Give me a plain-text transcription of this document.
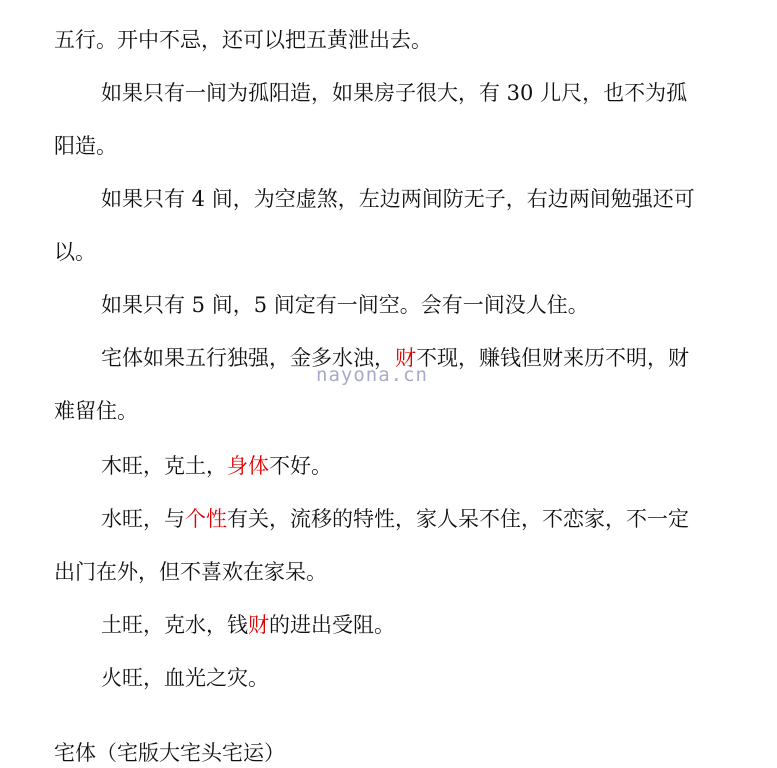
五行。开中不忌，还可以把五黄泄出去。
如果只有一间为孤阳造，如果房子很大，有 30 儿尺，也不为孤
阳造。
如果只有 4 间，为空虚煞，左边两间防无子，右边两间勉强还可
以。
如果只有 5 间，5 间定有一间空。会有一间没人住。
宅体如果五行独强，金多水浊，财不现，赚钱但财来历不明，财
难留住。
木旺，克土，身体不好。
水旺，与个性有关，流移的特性，家人呆不住，不恋家，不一定
出门在外，但不喜欢在家呆。
土旺，克水，钱财的进出受阻。
火旺，血光之灾。
nayona.cn
宅体（宅版大宅头宅运）
